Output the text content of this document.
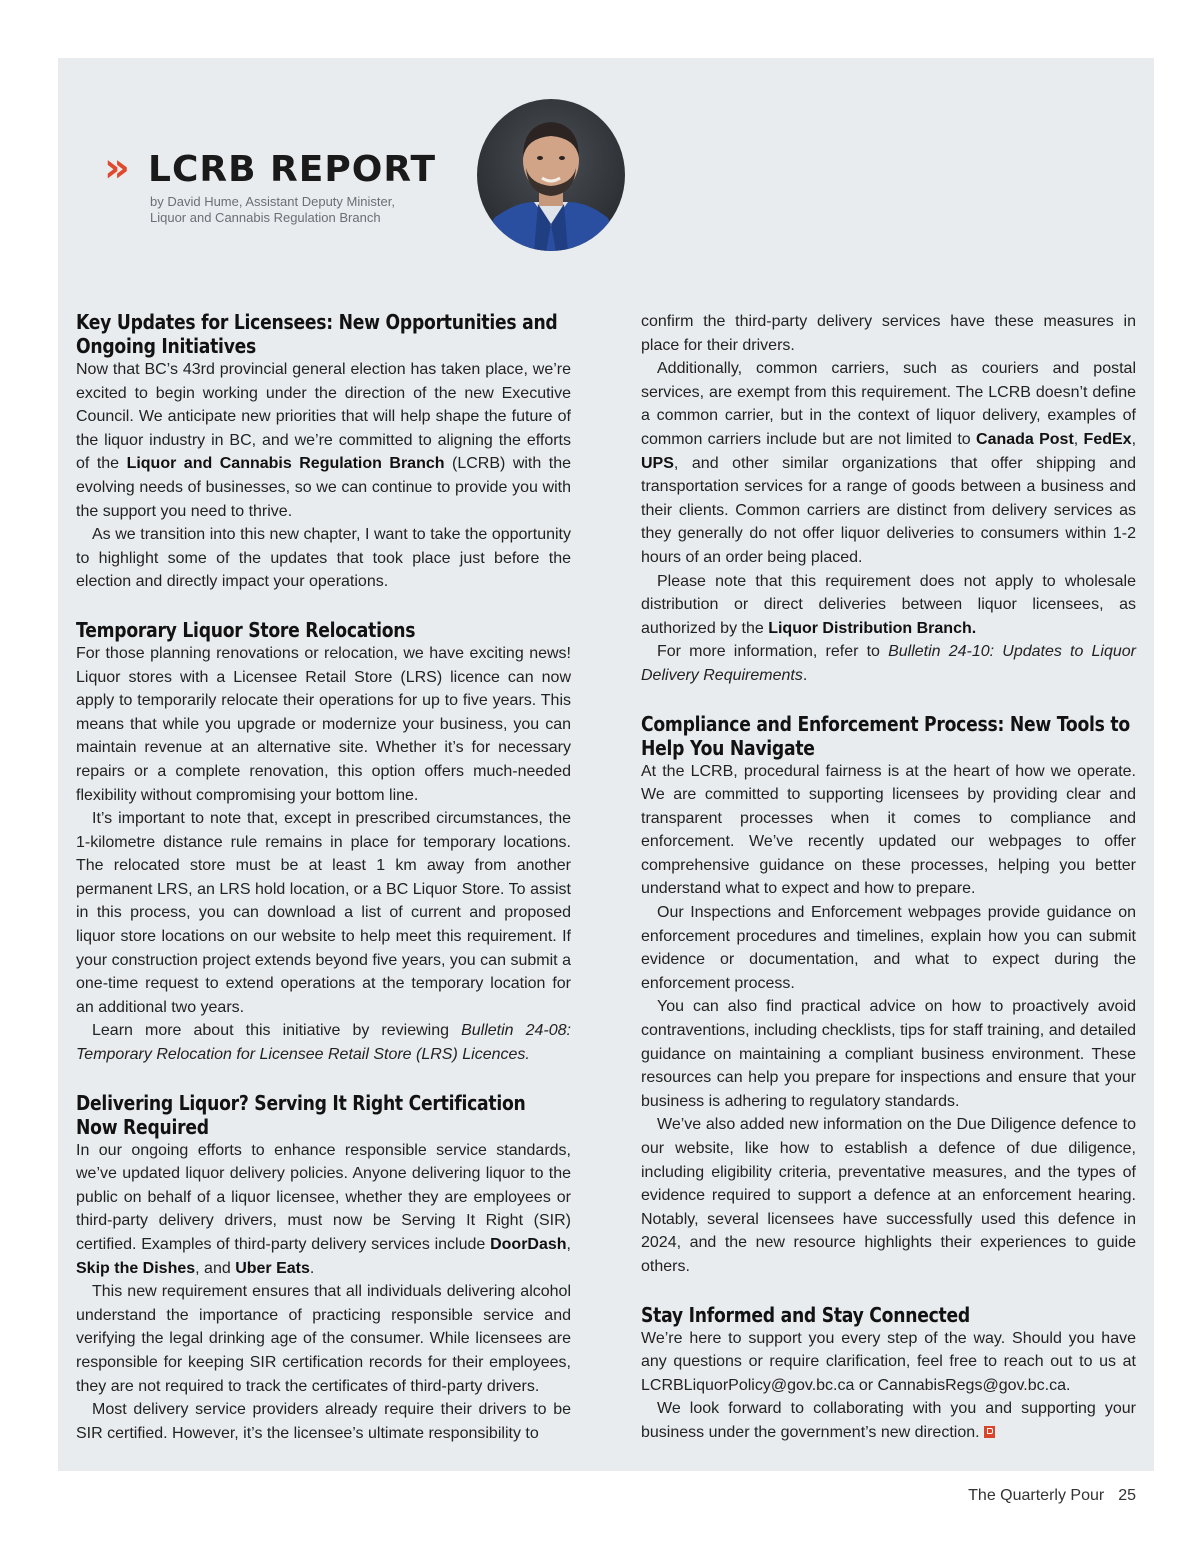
» LCRB REPORT
by David Hume, Assistant Deputy Minister,
Liquor and Cannabis Regulation Branch
Key Updates for Licensees: New Opportunities and Ongoing Initiatives

Now that BC’s 43rd provincial general election has taken place, we’re excited to begin working under the direction of the new Executive Council. We anticipate new priorities that will help shape the future of the liquor industry in BC, and we’re committed to aligning the efforts of the Liquor and Cannabis Regulation Branch (LCRB) with the evolving needs of businesses, so we can continue to provide you with the support you need to thrive.

As we transition into this new chapter, I want to take the opportunity to highlight some of the updates that took place just before the election and directly impact your operations.

Temporary Liquor Store Relocations

For those planning renovations or relocation, we have exciting news! Liquor stores with a Licensee Retail Store (LRS) licence can now apply to temporarily relocate their operations for up to five years. This means that while you upgrade or modernize your business, you can maintain revenue at an alternative site. Whether it’s for necessary repairs or a complete renovation, this option offers much-needed flexibility without compromising your bottom line.

It’s important to note that, except in prescribed circumstances, the 1-kilometre distance rule remains in place for temporary locations. The relocated store must be at least 1 km away from another permanent LRS, an LRS hold location, or a BC Liquor Store. To assist in this process, you can download a list of current and proposed liquor store locations on our website to help meet this requirement. If your construction project extends beyond five years, you can submit a one-time request to extend operations at the temporary location for an additional two years.

Learn more about this initiative by reviewing Bulletin 24-08: Temporary Relocation for Licensee Retail Store (LRS) Licences.

Delivering Liquor? Serving It Right Certification Now Required

In our ongoing efforts to enhance responsible service standards, we’ve updated liquor delivery policies. Anyone delivering liquor to the public on behalf of a liquor licensee, whether they are employees or third-party delivery drivers, must now be Serving It Right (SIR) certified. Examples of third-party delivery services include DoorDash, Skip the Dishes, and Uber Eats.

This new requirement ensures that all individuals delivering alcohol understand the importance of practicing responsible service and verifying the legal drinking age of the consumer. While licensees are responsible for keeping SIR certification records for their employees, they are not required to track the certificates of third-party drivers.

Most delivery service providers already require their drivers to be SIR certified. However, it’s the licensee’s ultimate responsibility to

confirm the third-party delivery services have these measures in place for their drivers.

Additionally, common carriers, such as couriers and postal services, are exempt from this requirement. The LCRB doesn’t define a common carrier, but in the context of liquor delivery, examples of common carriers include but are not limited to Canada Post, FedEx, UPS, and other similar organizations that offer shipping and transportation services for a range of goods between a business and their clients. Common carriers are distinct from delivery services as they generally do not offer liquor deliveries to consumers within 1-2 hours of an order being placed.

Please note that this requirement does not apply to wholesale distribution or direct deliveries between liquor licensees, as authorized by the Liquor Distribution Branch.

For more information, refer to Bulletin 24-10: Updates to Liquor Delivery Requirements.

Compliance and Enforcement Process: New Tools to Help You Navigate

At the LCRB, procedural fairness is at the heart of how we operate. We are committed to supporting licensees by providing clear and transparent processes when it comes to compliance and enforcement. We’ve recently updated our webpages to offer comprehensive guidance on these processes, helping you better understand what to expect and how to prepare.

Our Inspections and Enforcement webpages provide guidance on enforcement procedures and timelines, explain how you can submit evidence or documentation, and what to expect during the enforcement process.

You can also find practical advice on how to proactively avoid contraventions, including checklists, tips for staff training, and detailed guidance on maintaining a compliant business environment. These resources can help you prepare for inspections and ensure that your business is adhering to regulatory standards.

We’ve also added new information on the Due Diligence defence to our website, like how to establish a defence of due diligence, including eligibility criteria, preventative measures, and the types of evidence required to support a defence at an enforcement hearing. Notably, several licensees have successfully used this defence in 2024, and the new resource highlights their experiences to guide others.

Stay Informed and Stay Connected

We’re here to support you every step of the way. Should you have any questions or require clarification, feel free to reach out to us at LCRBLiquorPolicy@gov.bc.ca or CannabisRegs@gov.bc.ca.

We look forward to collaborating with you and supporting your business under the government’s new direction.

The Quarterly Pour 25
